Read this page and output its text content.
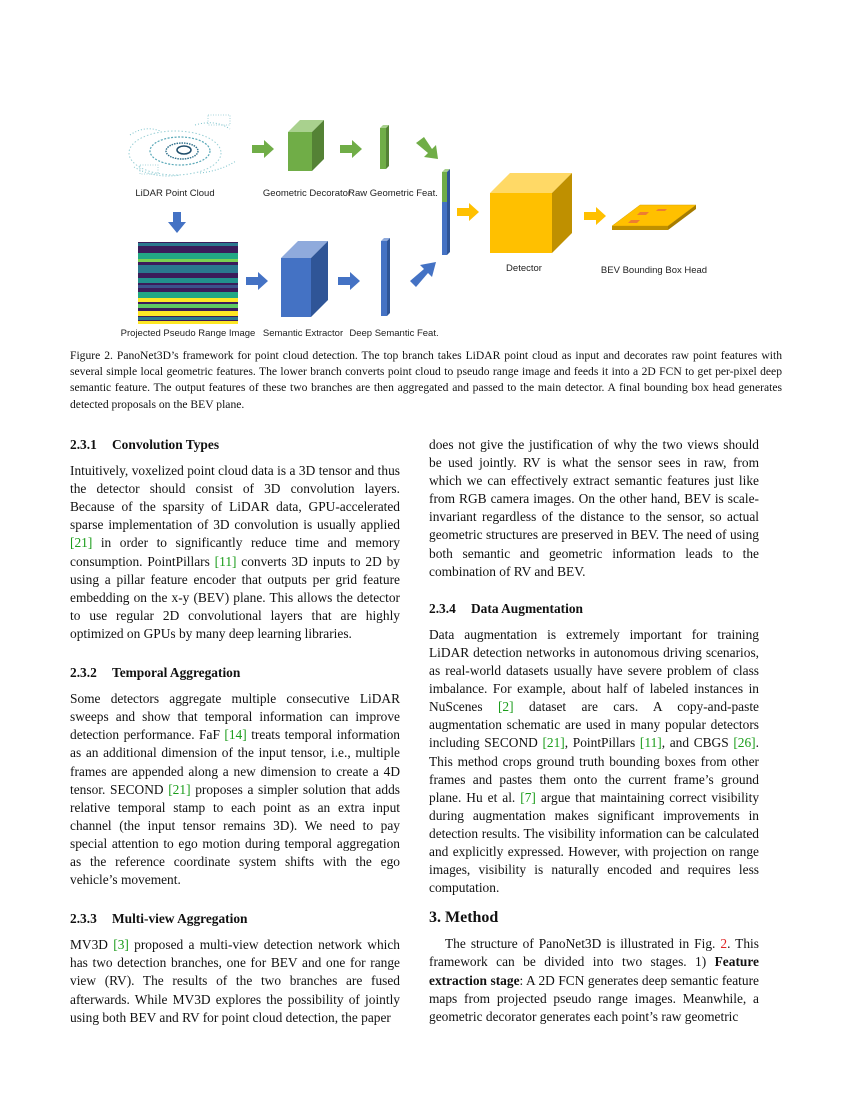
LiDAR Point Cloud	Geometric Decorator
Raw Geometric Feat.
Detector	BEV Bounding Box Head
Projected Pseudo Range Image Semantic Extractor Deep Semantic Feat.
Figure 2. PanoNet3D’s framework for point cloud detection. The top branch takes LiDAR point cloud as input and decorates raw point features with several simple local geometric features. The lower branch converts point cloud to pseudo range image and feeds it into a 2D FCN to get per-pixel deep semantic feature. The output features of these two branches are then aggregated and passed to the main detector. A final bounding box head generates detected proposals on the BEV plane.
2.3.1 Convolution Types

Intuitively, voxelized point cloud data is a 3D tensor and thus the detector should consist of 3D convolution layers. Because of the sparsity of LiDAR data, GPU-accelerated sparse implementation of 3D convolution is usually applied [21] in order to significantly reduce time and memory consumption. PointPillars [11] converts 3D inputs to 2D by using a pillar feature encoder that outputs per grid feature embedding on the x-y (BEV) plane. This allows the detector to use regular 2D convolutional layers that are highly optimized on GPUs by many deep learning libraries.

2.3.2 Temporal Aggregation

Some detectors aggregate multiple consecutive LiDAR sweeps and show that temporal information can improve detection performance. FaF [14] treats temporal information as an additional dimension of the input tensor, i.e., multiple frames are appended along a new dimension to create a 4D tensor. SECOND [21] proposes a simpler solution that adds relative temporal stamp to each point as an extra input channel (the input tensor remains 3D). We need to pay special attention to ego motion during temporal aggregation as the reference coordinate system shifts with the ego vehicle’s movement.

2.3.3 Multi-view Aggregation

MV3D [3] proposed a multi-view detection network which has two detection branches, one for BEV and one for range view (RV). The results of the two branches are fused afterwards. While MV3D explores the possibility of jointly using both BEV and RV for point cloud detection, the paper

does not give the justification of why the two views should be used jointly. RV is what the sensor sees in raw, from which we can effectively extract semantic features just like from RGB camera images. On the other hand, BEV is scale-invariant regardless of the distance to the sensor, so actual geometric structures are preserved in BEV. The need of using both semantic and geometric information leads to the combination of RV and BEV.

2.3.4 Data Augmentation

Data augmentation is extremely important for training LiDAR detection networks in autonomous driving scenarios, as real-world datasets usually have severe problem of class imbalance. For example, about half of labeled instances in NuScenes [2] dataset are cars. A copy-and-paste augmentation schematic are used in many popular detectors including SECOND [21], PointPillars [11], and CBGS [26]. This method crops ground truth bounding boxes from other frames and pastes them onto the current frame’s ground plane. Hu et al. [7] argue that maintaining correct visibility during augmentation makes significant improvements in detection results. The visibility information can be calculated and explicitly expressed. However, with projection on range images, visibility is naturally encoded and requires less computation.

3. Method

The structure of PanoNet3D is illustrated in Fig. 2. This framework can be divided into two stages. 1) Feature extraction stage: A 2D FCN generates deep semantic feature maps from projected pseudo range images. Meanwhile, a geometric decorator generates each point’s raw geometric
